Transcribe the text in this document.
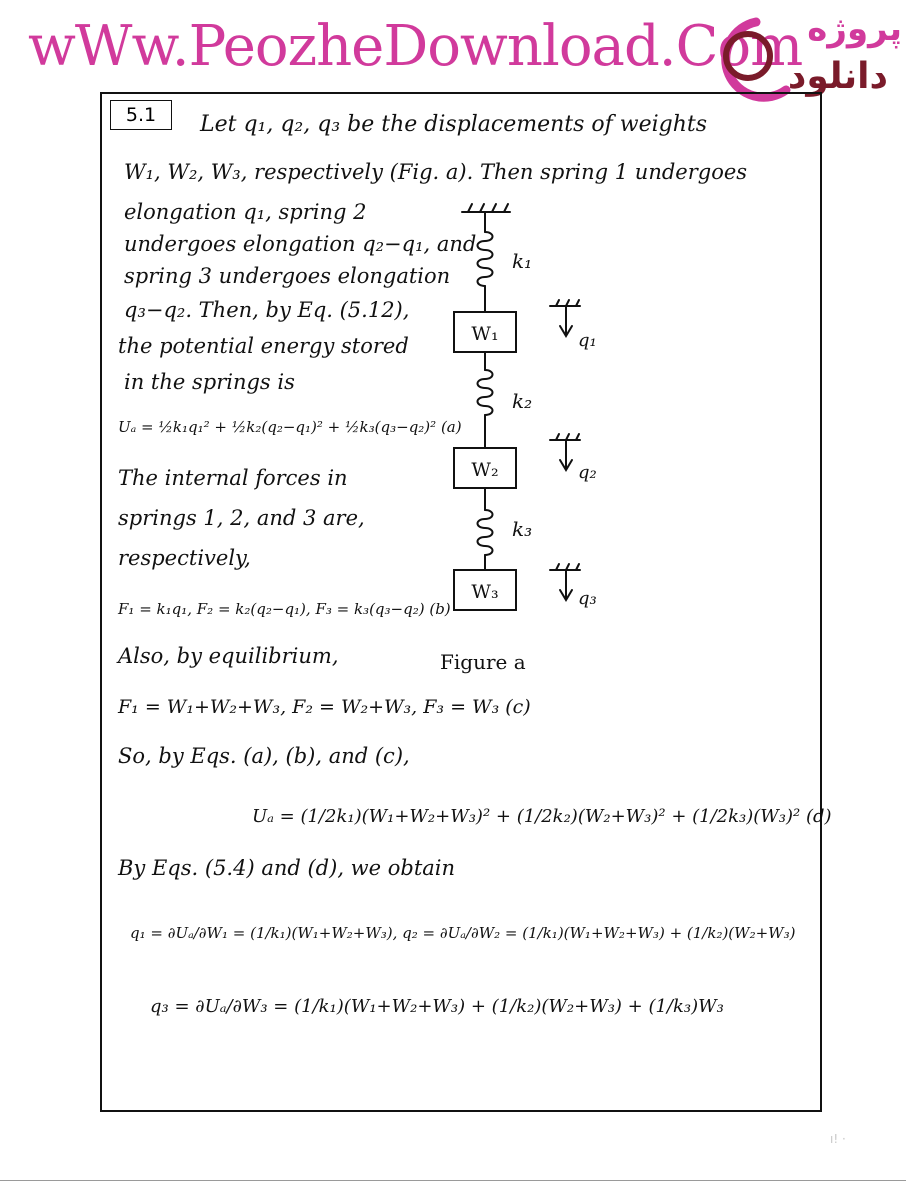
wWw.PeozheDownload.Com پروژه
دانلود
5.1	Let q₁, q₂, q₃ be the displacements of weights
W₁, W₂, W₃, respectively (Fig. a). Then spring 1 undergoes
elongation q₁, spring 2
undergoes elongation q₂−q₁, and
spring 3 undergoes elongation
q₃−q₂. Then, by Eq. (5.12),
the potential energy stored
in the springs is
Uₐ = ½k₁q₁² + ½k₂(q₂−q₁)² + ½k₃(q₃−q₂)² (a)
The internal forces in
springs 1, 2, and 3 are,
respectively,
F₁ = k₁q₁, F₂ = k₂(q₂−q₁), F₃ = k₃(q₃−q₂) (b)
Also, by equilibrium,
F₁ = W₁+W₂+W₃, F₂ = W₂+W₃, F₃ = W₃ (c)
So, by Eqs. (a), (b), and (c),
Uₐ = (1/2k₁)(W₁+W₂+W₃)² + (1/2k₂)(W₂+W₃)² + (1/2k₃)(W₃)² (d)
By Eqs. (5.4) and (d), we obtain
q₁ = ∂Uₐ/∂W₁ = (1/k₁)(W₁+W₂+W₃), q₂ = ∂Uₐ/∂W₂ = (1/k₁)(W₁+W₂+W₃) + (1/k₂)(W₂+W₃)
q₃ = ∂Uₐ/∂W₃ = (1/k₁)(W₁+W₂+W₃) + (1/k₂)(W₂+W₃) + (1/k₃)W₃
k₁
k₂
k₃
W₁
W₂
W₃
q₁
q₂
q₃
Figure a
ı! ·
